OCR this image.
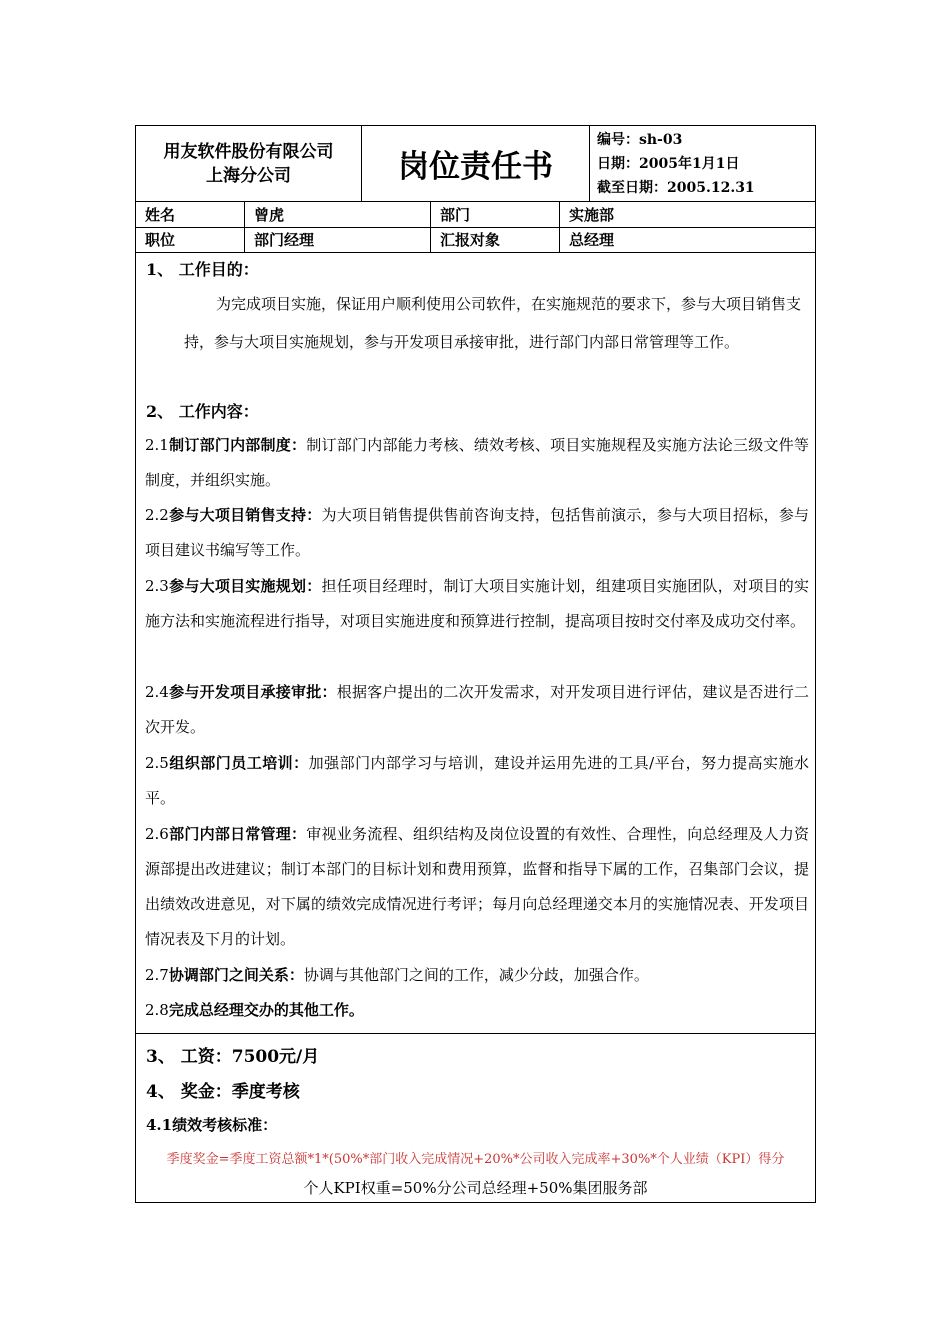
用友软件股份有限公司
上海分公司	岗位责任书
编号：sh-03
日期：2005年1月1日
截至日期：2005.12.31
姓名	曾虎	部门	实施部
职位	部门经理	汇报对象	总经理
1、 工作目的：
为完成项目实施，保证用户顺利使用公司软件，在实施规范的要求下，参与大项目销售支持，参与大项目实施规划，参与开发项目承接审批，进行部门内部日常管理等工作。
2、 工作内容：
2.1制订部门内部制度：制订部门内部能力考核、绩效考核、项目实施规程及实施方法论三级文件等制度，并组织实施。
2.2参与大项目销售支持：为大项目销售提供售前咨询支持，包括售前演示，参与大项目招标，参与项目建议书编写等工作。
2.3参与大项目实施规划：担任项目经理时，制订大项目实施计划，组建项目实施团队，对项目的实施方法和实施流程进行指导，对项目实施进度和预算进行控制，提高项目按时交付率及成功交付率。
2.4参与开发项目承接审批：根据客户提出的二次开发需求，对开发项目进行评估，建议是否进行二次开发。
2.5组织部门员工培训：加强部门内部学习与培训，建设并运用先进的工具/平台，努力提高实施水平。
2.6部门内部日常管理：审视业务流程、组织结构及岗位设置的有效性、合理性，向总经理及人力资源部提出改进建议；制订本部门的目标计划和费用预算，监督和指导下属的工作，召集部门会议，提出绩效改进意见，对下属的绩效完成情况进行考评；每月向总经理递交本月的实施情况表、开发项目情况表及下月的计划。
2.7协调部门之间关系：协调与其他部门之间的工作，减少分歧，加强合作。
2.8完成总经理交办的其他工作。
3、 工资：7500元/月
4、 奖金：季度考核
4.1绩效考核标准：
季度奖金=季度工资总额*1*(50%*部门收入完成情况+20%*公司收入完成率+30%*个人业绩（KPI）得分
个人KPI权重=50%分公司总经理+50%集团服务部
